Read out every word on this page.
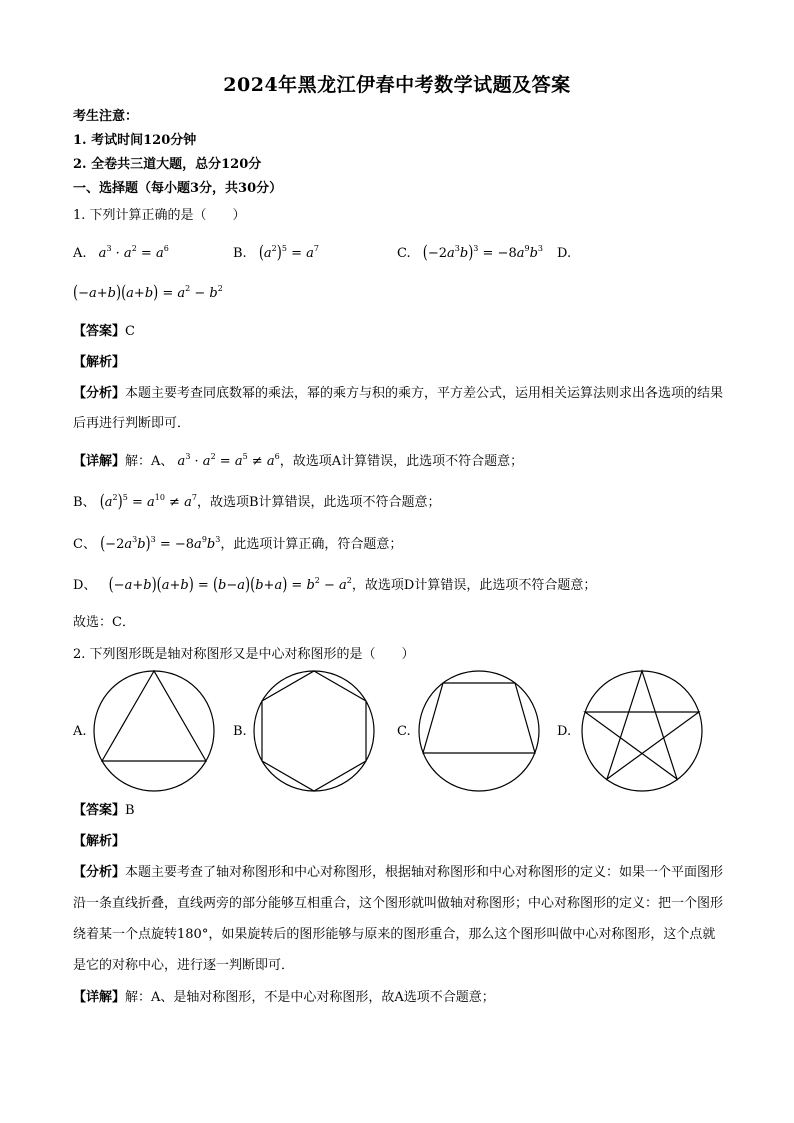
2024年黑龙江伊春中考数学试题及答案
考生注意：
1. 考试时间120分钟
2. 全卷共三道大题，总分120分
一、选择题（每小题3分，共30分）
1. 下列计算正确的是（　　）
A. $a^3 \cdot a^2 = a^6$	B. $(a^2)^5 = a^7$	C. $(-2a^3b)^3 = -8a^9b^3$ D.
$(-a+b)(a+b) = a^2 - b^2$
【答案】C
【解析】
【分析】本题主要考查同底数幂的乘法，幂的乘方与积的乘方，平方差公式，运用相关运算法则求出各选项的结果后再进行判断即可．
【详解】解：A、 $a^3 \cdot a^2 = a^5 \ne a^6$，故选项A计算错误，此选项不符合题意；
B、 $(a^2)^5 = a^{10} \ne a^7$，故选项B计算错误，此选项不符合题意；
C、 $(-2a^3b)^3 = -8a^9b^3$，此选项计算正确，符合题意；
D、 $(-a+b)(a+b) = (b-a)(b+a) = b^2 - a^2$，故选项D计算错误，此选项不符合题意；
故选：C．
2. 下列图形既是轴对称图形又是中心对称图形的是（　　）
A.	B.	C.	D.
【答案】B
【解析】
【分析】本题主要考查了轴对称图形和中心对称图形，根据轴对称图形和中心对称图形的定义：如果一个平面图形沿一条直线折叠，直线两旁的部分能够互相重合，这个图形就叫做轴对称图形；中心对称图形的定义：把一个图形绕着某一个点旋转180°，如果旋转后的图形能够与原来的图形重合，那么这个图形叫做中心对称图形，这个点就是它的对称中心，进行逐一判断即可．
【详解】解：A、是轴对称图形，不是中心对称图形，故A选项不合题意；
